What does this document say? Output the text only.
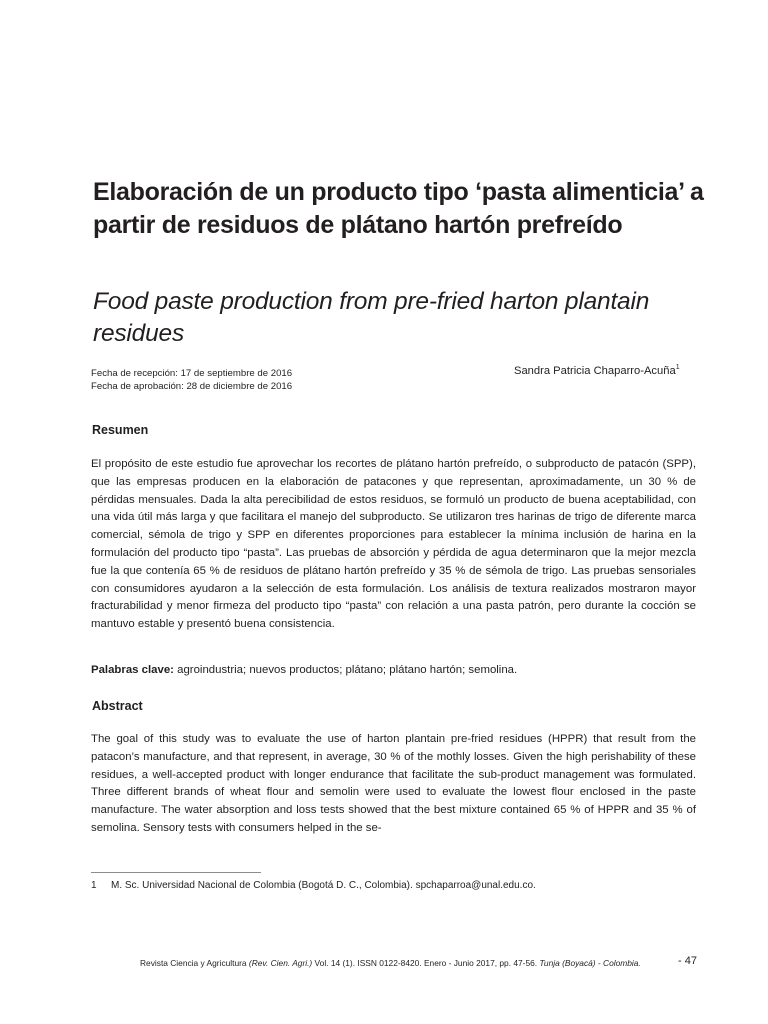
Elaboración de un producto tipo ‘pasta alimenticia’ a partir de residuos de plátano hartón prefreído
Food paste production from pre-fried harton plantain residues
Fecha de recepción: 17 de septiembre de 2016
Fecha de aprobación: 28 de diciembre de 2016
Sandra Patricia Chaparro-Acuña$^1$
Resumen
El propósito de este estudio fue aprovechar los recortes de plátano hartón prefreído, o subproducto de patacón (SPP), que las empresas producen en la elaboración de patacones y que representan, aproximadamente, un 30 % de pérdidas mensuales. Dada la alta perecibilidad de estos residuos, se formuló un producto de buena aceptabilidad, con una vida útil más larga y que facilitara el manejo del subproducto. Se utilizaron tres harinas de trigo de diferente marca comercial, sémola de trigo y SPP en diferentes proporciones para establecer la mínima inclusión de harina en la formulación del producto tipo “pasta”. Las pruebas de absorción y pérdida de agua determinaron que la mejor mezcla fue la que contenía 65 % de residuos de plátano hartón prefreído y 35 % de sémola de trigo. Las pruebas sensoriales con consumidores ayudaron a la selección de esta formulación. Los análisis de textura realizados mostraron mayor fracturabilidad y menor firmeza del producto tipo “pasta” con relación a una pasta patrón, pero durante la cocción se mantuvo estable y presentó buena consistencia.
Palabras clave: agroindustria; nuevos productos; plátano; plátano hartón; semolina.
Abstract
The goal of this study was to evaluate the use of harton plantain pre-fried residues (HPPR) that result from the patacon’s manufacture, and that represent, in average, 30 % of the mothly losses. Given the high perishability of these residues, a well-accepted product with longer endurance that facilitate the sub-product management was formulated. Three different brands of wheat flour and semolin were used to evaluate the lowest flour enclosed in the paste manufacture. The water absorption and loss tests showed that the best mixture contained 65 % of HPPR and 35 % of semolina. Sensory tests with consumers helped in the se-
1 M. Sc. Universidad Nacional de Colombia (Bogotá D. C., Colombia). spchaparroa@unal.edu.co.
Revista Ciencia y Agricultura (Rev. Cien. Agri.) Vol. 14 (1). ISSN 0122-8420. Enero - Junio 2017, pp. 47-56. Tunja (Boyacá) - Colombia.	- 47
